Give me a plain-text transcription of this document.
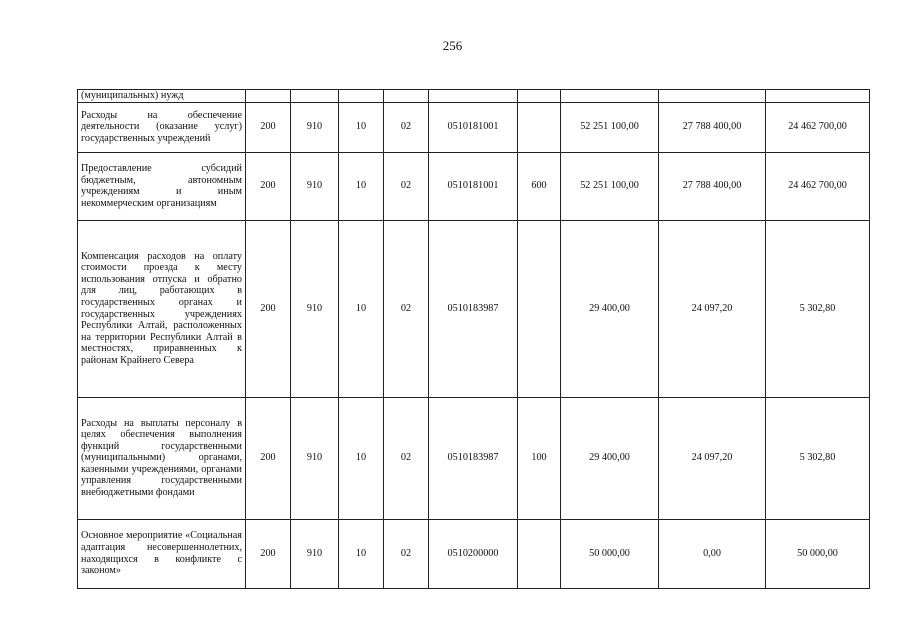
256
(муниципальных) нужд									
Расходы на обеспечение деятельности (оказание услуг) государственных учреждений	200	910	10	02	0510181001		52 251 100,00	27 788 400,00	24 462 700,00
Предоставление субсидий бюджетным, автономным учреждениям и иным некоммерческим организациям	200	910	10	02	0510181001	600	52 251 100,00	27 788 400,00	24 462 700,00
Компенсация расходов на оплату стоимости проезда к месту использования отпуска и обратно для лиц, работающих в государственных органах и государственных учреждениях Республики Алтай, расположенных на территории Республики Алтай в местностях, приравненных к районам Крайнего Севера	200	910	10	02	0510183987		29 400,00	24 097,20	5 302,80
Расходы на выплаты персоналу в целях обеспечения выполнения функций государственными (муниципальными) органами, казенными учреждениями, органами управления государственными внебюджетными фондами	200	910	10	02	0510183987	100	29 400,00	24 097,20	5 302,80
Основное мероприятие «Социальная адаптация несовершеннолетних, находящихся в конфликте с законом»	200	910	10	02	0510200000		50 000,00	0,00	50 000,00
